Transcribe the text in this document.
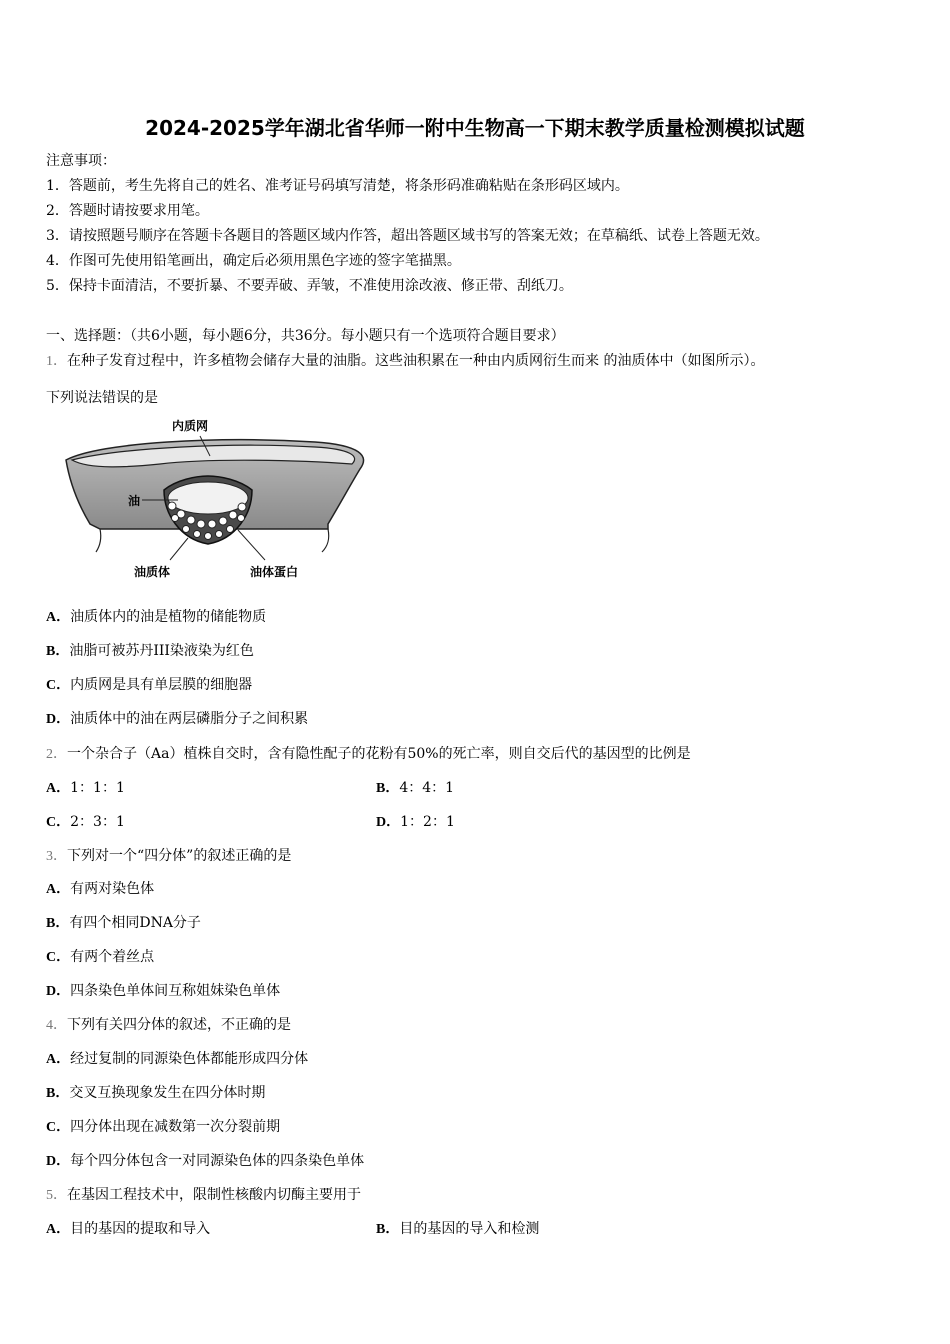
2024-2025学年湖北省华师一附中生物高一下期末教学质量检测模拟试题
注意事项：
1．答题前，考生先将自己的姓名、准考证号码填写清楚，将条形码准确粘贴在条形码区域内。
2．答题时请按要求用笔。
3．请按照题号顺序在答题卡各题目的答题区域内作答，超出答题区域书写的答案无效；在草稿纸、试卷上答题无效。
4．作图可先使用铅笔画出，确定后必须用黑色字迹的签字笔描黑。
5．保持卡面清洁，不要折暴、不要弄破、弄皱，不准使用涂改液、修正带、刮纸刀。
一、选择题：（共6小题，每小题6分，共36分。每小题只有一个选项符合题目要求）
1．在种子发育过程中，许多植物会储存大量的油脂。这些油积累在一种由内质网衍生而来 的油质体中（如图所示）。
下列说法错误的是
内质网
油
油质体	油体蛋白
A．油质体内的油是植物的储能物质
B．油脂可被苏丹III染液染为红色
C．内质网是具有单层膜的细胞器
D．油质体中的油在两层磷脂分子之间积累
2．一个杂合子（Aa）植株自交时，含有隐性配子的花粉有50%的死亡率，则自交后代的基因型的比例是
A．1：1：1	B．4：4：1
C．2：3：1	D．1：2：1
3．下列对一个“四分体”的叙述正确的是
A．有两对染色体
B．有四个相同DNA分子
C．有两个着丝点
D．四条染色单体间互称姐妹染色单体
4．下列有关四分体的叙述，不正确的是
A．经过复制的同源染色体都能形成四分体
B．交叉互换现象发生在四分体时期
C．四分体出现在减数第一次分裂前期
D．每个四分体包含一对同源染色体的四条染色单体
5．在基因工程技术中，限制性核酸内切酶主要用于
A．目的基因的提取和导入	B．目的基因的导入和检测
